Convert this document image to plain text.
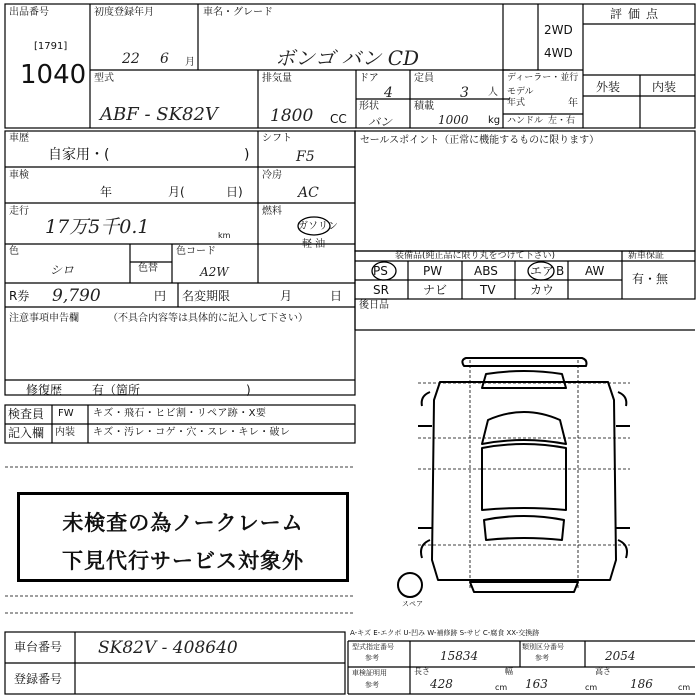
出品番号
[1791]
1040
初度登録年月
22 6 月
車名・グレード
ボンゴ バン CD
2WD
4WD
評価点
外装	内装
型式
ABF - SK82V
排気量
1800 CC
ドア
4
定員
3 人
形状
バン
積載
1000 kg
ディーラー・並行
モデル
年式	年
ハンドル 左・右
車歴
自家用・(	)
シフト
F5
車検
年	月(	日)
冷房
AC
走行
17万5千0.1	km
燃料
ガソリン
軽 油
色
シロ	色替
色コード
A2W
R券 9,790	円 名変期限	月	日
注意事項申告欄	（不具合内容等は具体的に記入して下さい）
修復歴 有（箇所	)
セールスポイント（正常に機能するものに限ります）
装備品(純正品に限り丸をつけて下さい)	新車保証
有・無
PS	PW	ABS	エア B AW
SR	ナビ	TV	カウ
後日品
スペア
検査員
記入欄
FW キズ・飛石・ヒビ割・リペア跡・X要
内装 キズ・汚レ・コゲ・穴・スレ・キレ・破レ
未検査の為ノークレーム
下見代行サービス対象外
車台番号 SK82V - 408640
登録番号
A-キズ E-エクボ U-凹み W-補修跡 S-サビ C-腐食 XX-交換跡
型式指定番号
参考	15834
類別区分番号
参考	2054
車検証明用
参考
長さ
428	cm
幅
163	cm
高さ
186	cm
